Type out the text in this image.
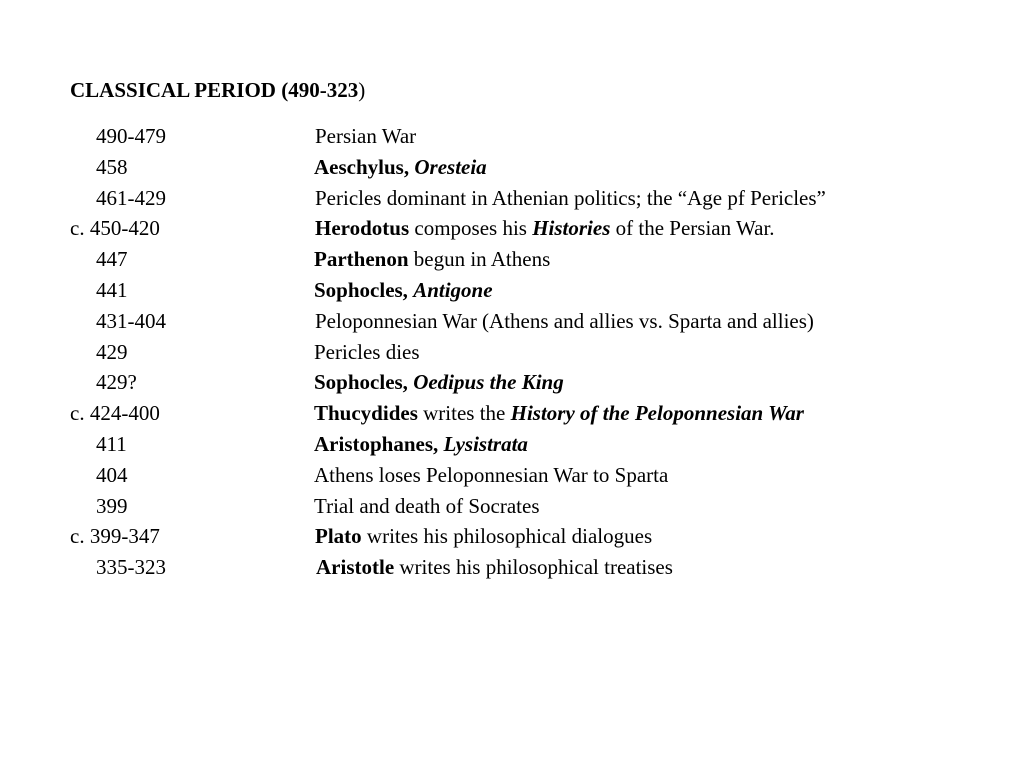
CLASSICAL PERIOD (490-323)
490-479	Persian War
458	Aeschylus, Oresteia
461-429	Pericles dominant in Athenian politics; the “Age pf Pericles”
c. 450-420	Herodotus composes his Histories of the Persian War.
447	Parthenon begun in Athens
441	Sophocles, Antigone
431-404	Peloponnesian War (Athens and allies vs. Sparta and allies)
429	Pericles dies
429?	Sophocles, Oedipus the King
c. 424-400	Thucydides writes the History of the Peloponnesian War
411	Aristophanes, Lysistrata
404	Athens loses Peloponnesian War to Sparta
399	Trial and death of Socrates
c. 399-347	Plato writes his philosophical dialogues
335-323	Aristotle writes his philosophical treatises
